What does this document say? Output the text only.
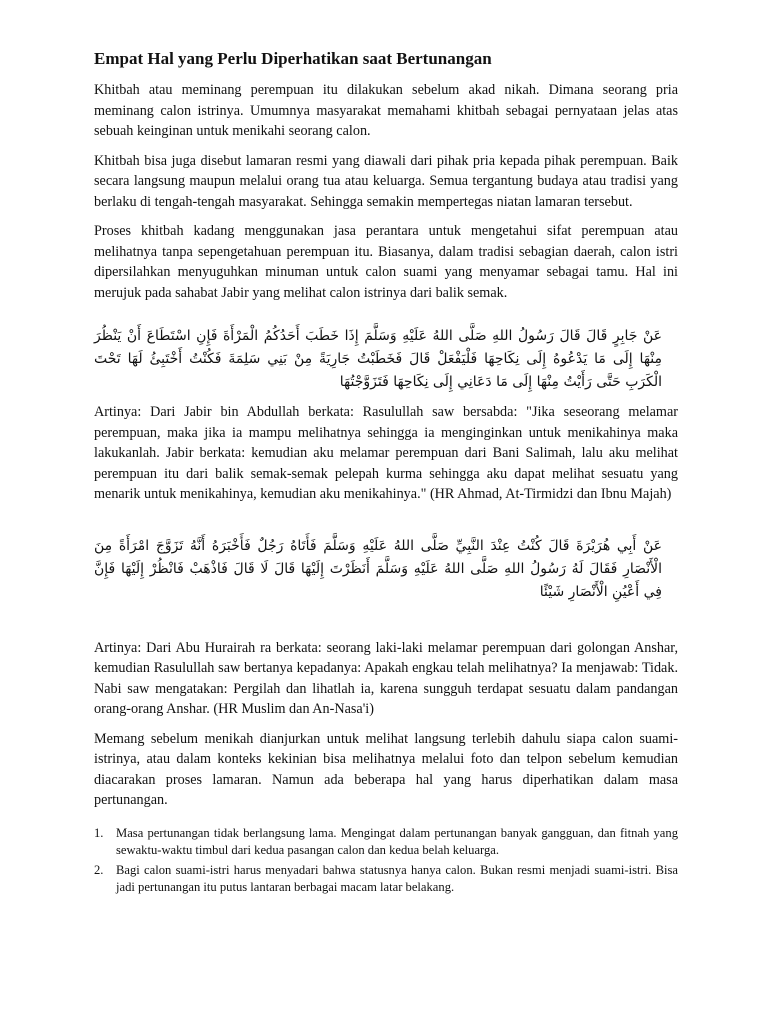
Empat Hal yang Perlu Diperhatikan saat Bertunangan

Khitbah atau meminang perempuan itu dilakukan sebelum akad nikah. Dimana seorang pria meminang calon istrinya. Umumnya masyarakat memahami khitbah sebagai pernyataan jelas atas sebuah keinginan untuk menikahi seorang calon.

Khitbah bisa juga disebut lamaran resmi yang diawali dari pihak pria kepada pihak perempuan. Baik secara langsung maupun melalui orang tua atau keluarga. Semua tergantung budaya atau tradisi yang berlaku di tengah-tengah masyarakat. Sehingga semakin mempertegas niatan lamaran tersebut.

Proses khitbah kadang menggunakan jasa perantara untuk mengetahui sifat perempuan atau melihatnya tanpa sepengetahuan perempuan itu. Biasanya, dalam tradisi sebagian daerah, calon istri dipersilahkan menyuguhkan minuman untuk calon suami yang menyamar sebagai tamu. Hal ini merujuk pada sahabat Jabir yang melihat calon istrinya dari balik semak.

عَنْ جَابِرٍ قَالَ قَالَ رَسُولُ اللهِ صَلَّى اللهُ عَلَيْهِ وَسَلَّمَ إِذَا خَطَبَ أَحَدُكُمُ الْمَرْأَةَ فَإِنِ اسْتَطَاعَ أَنْ يَنْظُرَ مِنْهَا إِلَى مَا يَدْعُوهُ إِلَى نِكَاحِهَا فَلْيَفْعَلْ قَالَ فَخَطَبْتُ جَارِيَةً مِنْ بَنِي سَلِمَةَ فَكُنْتُ أَخْتَبِئُ لَهَا تَحْتَ الْكَرَبِ حَتَّى رَأَيْتُ مِنْهَا إِلَى مَا دَعَانِي إِلَى نِكَاحِهَا فَتَزَوَّجْتُهَا

Artinya: Dari Jabir bin Abdullah berkata: Rasulullah saw bersabda: "Jika seseorang melamar perempuan, maka jika ia mampu melihatnya sehingga ia menginginkan untuk menikahinya maka lakukanlah. Jabir berkata: kemudian aku melamar perempuan dari Bani Salimah, lalu aku melihat perempuan itu dari balik semak-semak pelepah kurma sehingga aku dapat melihat sesuatu yang menarik untuk menikahinya, kemudian aku menikahinya." (HR Ahmad, At-Tirmidzi dan Ibnu Majah)

عَنْ أَبِي هُرَيْرَةَ قَالَ كُنْتُ عِنْدَ النَّبِيِّ صَلَّى اللهُ عَلَيْهِ وَسَلَّمَ فَأَتَاهُ رَجُلٌ فَأَخْبَرَهُ أَنَّهُ تَزَوَّجَ امْرَأَةً مِنَ الْأَنْصَارِ فَقَالَ لَهُ رَسُولُ اللهِ صَلَّى اللهُ عَلَيْهِ وَسَلَّمَ أَنَظَرْتَ إِلَيْهَا قَالَ لَا قَالَ فَاذْهَبْ فَانْظُرْ إِلَيْهَا فَإِنَّ فِي أَعْيُنِ الْأَنْصَارِ شَيْئًا

Artinya: Dari Abu Hurairah ra berkata: seorang laki-laki melamar perempuan dari golongan Anshar, kemudian Rasulullah saw bertanya kepadanya: Apakah engkau telah melihatnya? Ia menjawab: Tidak. Nabi saw mengatakan: Pergilah dan lihatlah ia, karena sungguh terdapat sesuatu dalam pandangan orang-orang Anshar. (HR Muslim dan An-Nasa'i)

Memang sebelum menikah dianjurkan untuk melihat langsung terlebih dahulu siapa calon suami-istrinya, atau dalam konteks kekinian bisa melihatnya melalui foto dan telpon sebelum kemudian diacarakan proses lamaran. Namun ada beberapa hal yang harus diperhatikan dalam masa pertunangan.

1. Masa pertunangan tidak berlangsung lama. Mengingat dalam pertunangan banyak gangguan, dan fitnah yang sewaktu-waktu timbul dari kedua pasangan calon dan kedua belah keluarga.
2. Bagi calon suami-istri harus menyadari bahwa statusnya hanya calon. Bukan resmi menjadi suami-istri. Bisa jadi pertunangan itu putus lantaran berbagai macam latar belakang.
